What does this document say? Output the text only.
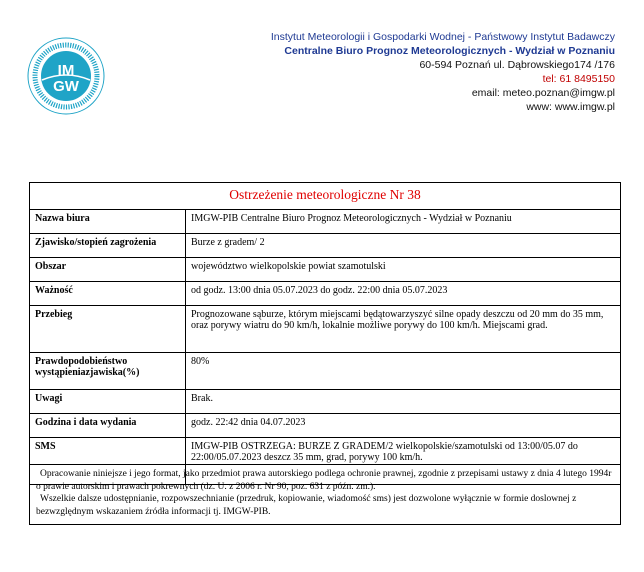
IM
GW
Instytut Meteorologii i Gospodarki Wodnej - Państwowy Instytut Badawczy
Centralne Biuro Prognoz Meteorologicznych - Wydział w Poznaniu
60-594 Poznań ul. Dąbrowskiego174 /176
tel: 61 8495150
email: meteo.poznan@imgw.pl
www: www.imgw.pl
Ostrzeżenie meteorologiczne Nr 38	
Nazwa biura	IMGW-PIB Centralne Biuro Prognoz Meteorologicznych - Wydział w Poznaniu
Zjawisko/stopień zagrożenia	Burze z gradem/ 2
Obszar	województwo wielkopolskie powiat szamotulski
Ważność	od godz. 13:00 dnia 05.07.2023 do godz. 22:00 dnia 05.07.2023
Przebieg	Prognozowane sąburze, którym miejscami będątowarzyszyć silne opady deszczu od 20 mm do 35 mm, oraz porywy wiatru do 90 km/h, lokalnie możliwe porywy do 100 km/h. Miejscami grad.
Prawdopodobieństwo wystąpieniazjawiska(%)	80%
Uwagi	Brak.
Godzina i data wydania	godz. 22:42 dnia 04.07.2023
SMS	IMGW-PIB OSTRZEGA: BURZE Z GRADEM/2 wielkopolskie/szamotulski od 13:00/05.07 do 22:00/05.07.2023 deszcz 35 mm, grad, porywy 100 km/h.

Opracowanie niniejsze i jego format, jako przedmiot prawa autorskiego podlega ochronie prawnej, zgodnie z przepisami ustawy z dnia 4 lutego 1994r o prawie autorskim i prawach pokrewnych (dz. U. z 2006 r. Nr 90, poz. 631 z późn. zm.).

Wszelkie dalsze udostępnianie, rozpowszechnianie (przedruk, kopiowanie, wiadomość sms) jest dozwolone wyłącznie w formie doslownej z bezwzględnym wskazaniem źródła informacji tj. IMGW-PIB.
